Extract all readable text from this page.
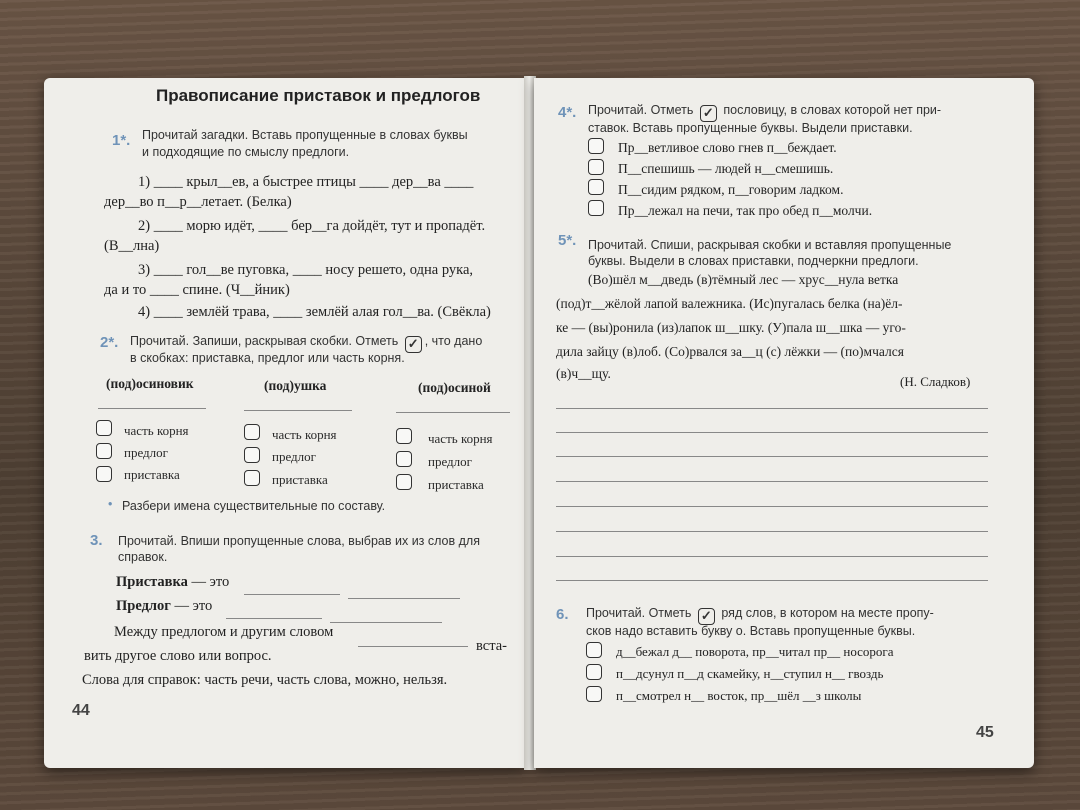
Правописание приставок и предлогов
1*. Прочитай загадки. Вставь пропущенные в словах буквы
и подходящие по смыслу предлоги.
1) ____ крыл__ев, а быстрее птицы ____ дер__ва ____
дер__во п__р__летает. (Белка)
2) ____ морю идёт, ____ бер__га дойдёт, тут и пропадёт.
(В__лна)
3) ____ гол__ве пуговка, ____ носу решето, одна рука,
да и то ____ спине. (Ч__йник)
4) ____ землёй трава, ____ землёй алая гол__ва. (Свёкла)
2*. Прочитай. Запиши, раскрывая скобки. Отметь ✓ , что дано
в скобках: приставка, предлог или часть корня.
(под)осиновик	(под)ушка	(под)осиной
часть корня
предлог
приставка
часть корня
предлог
приставка
часть корня
предлог
приставка
• Разбери имена существительные по составу.
3. Прочитай. Впиши пропущенные слова, выбрав их из слов для
справок.
Приставка — это
Предлог — это
Между предлогом и другим словом
вста-
вить другое слово или вопрос.
Слова для справок: часть речи, часть слова, можно, нельзя.
44
4*. Прочитай. Отметь ✓ пословицу, в словах которой нет при-
ставок. Вставь пропущенные буквы. Выдели приставки.
Пр__ветливое слово гнев п__беждает.
П__спешишь — людей н__смешишь.
П__сидим рядком, п__говорим ладком.
Пр__лежал на печи, так про обед п__молчи.
5*. Прочитай. Спиши, раскрывая скобки и вставляя пропущенные
буквы. Выдели в словах приставки, подчеркни предлоги.
(Во)шёл м__дведь (в)тёмный лес — хрус__нула ветка
(под)т__жёлой лапой валежника. (Ис)пугалась белка (на)ёл-
ке — (вы)ронила (из)лапок ш__шку. (У)пала ш__шка — уго-
дила зайцу (в)лоб. (Со)рвался за__ц (с) лёжки — (по)мчался
(в)ч__щу.
(Н. Сладков)
6. Прочитай. Отметь ✓ ряд слов, в котором на месте пропу-
сков надо вставить букву о. Вставь пропущенные буквы.
д__бежал д__ поворота, пр__читал пр__ носорога
п__дсунул п__д скамейку, н__ступил н__ гвоздь
п__смотрел н__ восток, пр__шёл __з школы
45
